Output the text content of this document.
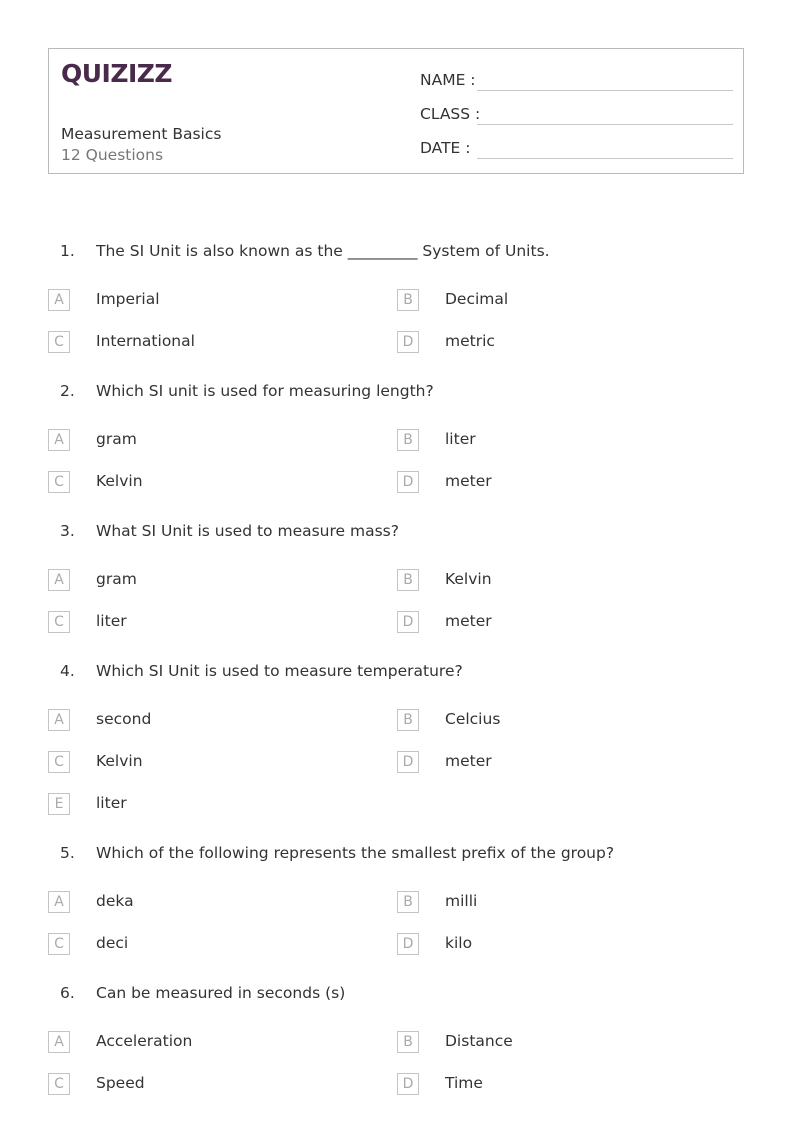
QUIZIZZ
Measurement Basics
12 Questions
NAME :
CLASS :
DATE :
1. The SI Unit is also known as the _________ System of Units.
A	Imperial	B	Decimal
C	International	D	metric
2. Which SI unit is used for measuring length?
A	gram	B	liter
C	Kelvin	D	meter
3. What SI Unit is used to measure mass?
A	gram	B	Kelvin
C	liter	D	meter
4. Which SI Unit is used to measure temperature?
A	second	B	Celcius
C	Kelvin	D	meter
E	liter
5. Which of the following represents the smallest prefix of the group?
A	deka	B	milli
C	deci	D	kilo
6. Can be measured in seconds (s)
A	Acceleration	B	Distance
C	Speed	D	Time
